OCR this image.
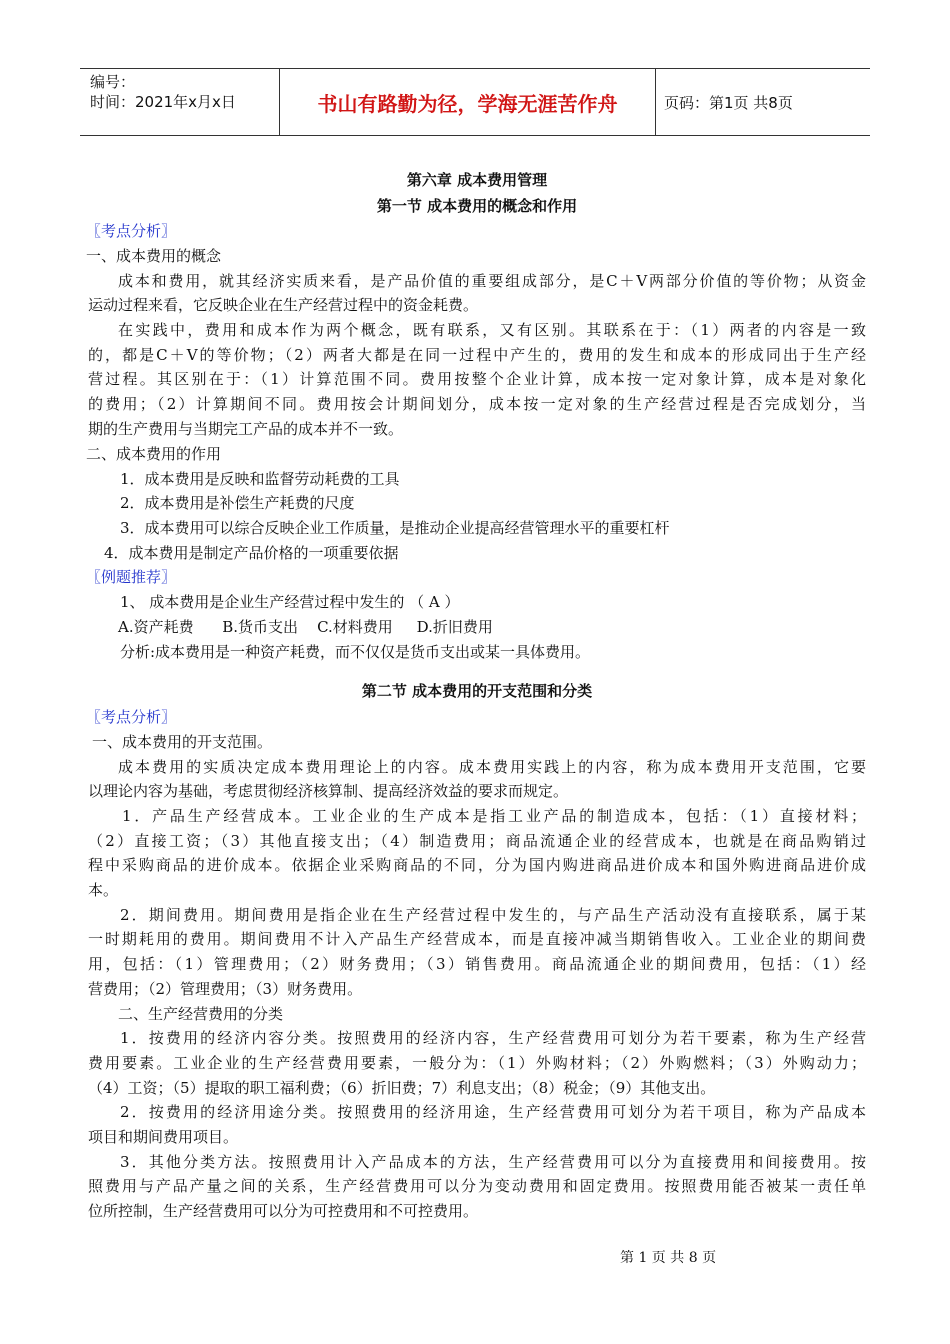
编号：
时间：2021年x月x日	书山有路勤为径，学海无涯苦作舟	页码：第1页 共8页
第六章 成本费用管理
第一节 成本费用的概念和作用
〖考点分析〗
一、成本费用的概念
成本和费用，就其经济实质来看，是产品价值的重要组成部分，是C＋V两部分价值的等价物；从资金
运动过程来看，它反映企业在生产经营过程中的资金耗费。
在实践中，费用和成本作为两个概念，既有联系，又有区别。其联系在于：（1）两者的内容是一致
的，都是C＋V的等价物；（2）两者大都是在同一过程中产生的，费用的发生和成本的形成同出于生产经
营过程。其区别在于：（1）计算范围不同。费用按整个企业计算，成本按一定对象计算，成本是对象化
的费用；（2）计算期间不同。费用按会计期间划分，成本按一定对象的生产经营过程是否完成划分，当
期的生产费用与当期完工产品的成本并不一致。
二、成本费用的作用
1．成本费用是反映和监督劳动耗费的工具
2．成本费用是补偿生产耗费的尺度
3．成本费用可以综合反映企业工作质量，是推动企业提高经营管理水平的重要杠杆
4．成本费用是制定产品价格的一项重要依据
〖例题推荐〗
1、 成本费用是企业生产经营过程中发生的 （ A ）
A.资产耗费      B.货币支出    C.材料费用     D.折旧费用
分析:成本费用是一种资产耗费，而不仅仅是货币支出或某一具体费用。
第二节 成本费用的开支范围和分类
〖考点分析〗
一、成本费用的开支范围。
成本费用的实质决定成本费用理论上的内容。成本费用实践上的内容，称为成本费用开支范围，它要
以理论内容为基础，考虑贯彻经济核算制、提高经济效益的要求而规定。
1．产品生产经营成本。工业企业的生产成本是指工业产品的制造成本，包括：（1）直接材料；
（2）直接工资；（3）其他直接支出；（4）制造费用；商品流通企业的经营成本，也就是在商品购销过
程中采购商品的进价成本。依据企业采购商品的不同，分为国内购进商品进价成本和国外购进商品进价成
本。
2．期间费用。期间费用是指企业在生产经营过程中发生的，与产品生产活动没有直接联系，属于某
一时期耗用的费用。期间费用不计入产品生产经营成本，而是直接冲减当期销售收入。工业企业的期间费
用，包括：（1）管理费用；（2）财务费用；（3）销售费用。商品流通企业的期间费用，包括：（1）经
营费用；（2）管理费用；（3）财务费用。
二、生产经营费用的分类
1．按费用的经济内容分类。按照费用的经济内容，生产经营费用可划分为若干要素，称为生产经营
费用要素。工业企业的生产经营费用要素，一般分为：（1）外购材料；（2）外购燃料；（3）外购动力；
（4）工资；（5）提取的职工福利费；（6）折旧费；7）利息支出；（8）税金；（9）其他支出。
2．按费用的经济用途分类。按照费用的经济用途，生产经营费用可划分为若干项目，称为产品成本
项目和期间费用项目。
3．其他分类方法。按照费用计入产品成本的方法，生产经营费用可以分为直接费用和间接费用。按
照费用与产品产量之间的关系，生产经营费用可以分为变动费用和固定费用。按照费用能否被某一责任单
位所控制，生产经营费用可以分为可控费用和不可控费用。
第 1 页 共 8 页
